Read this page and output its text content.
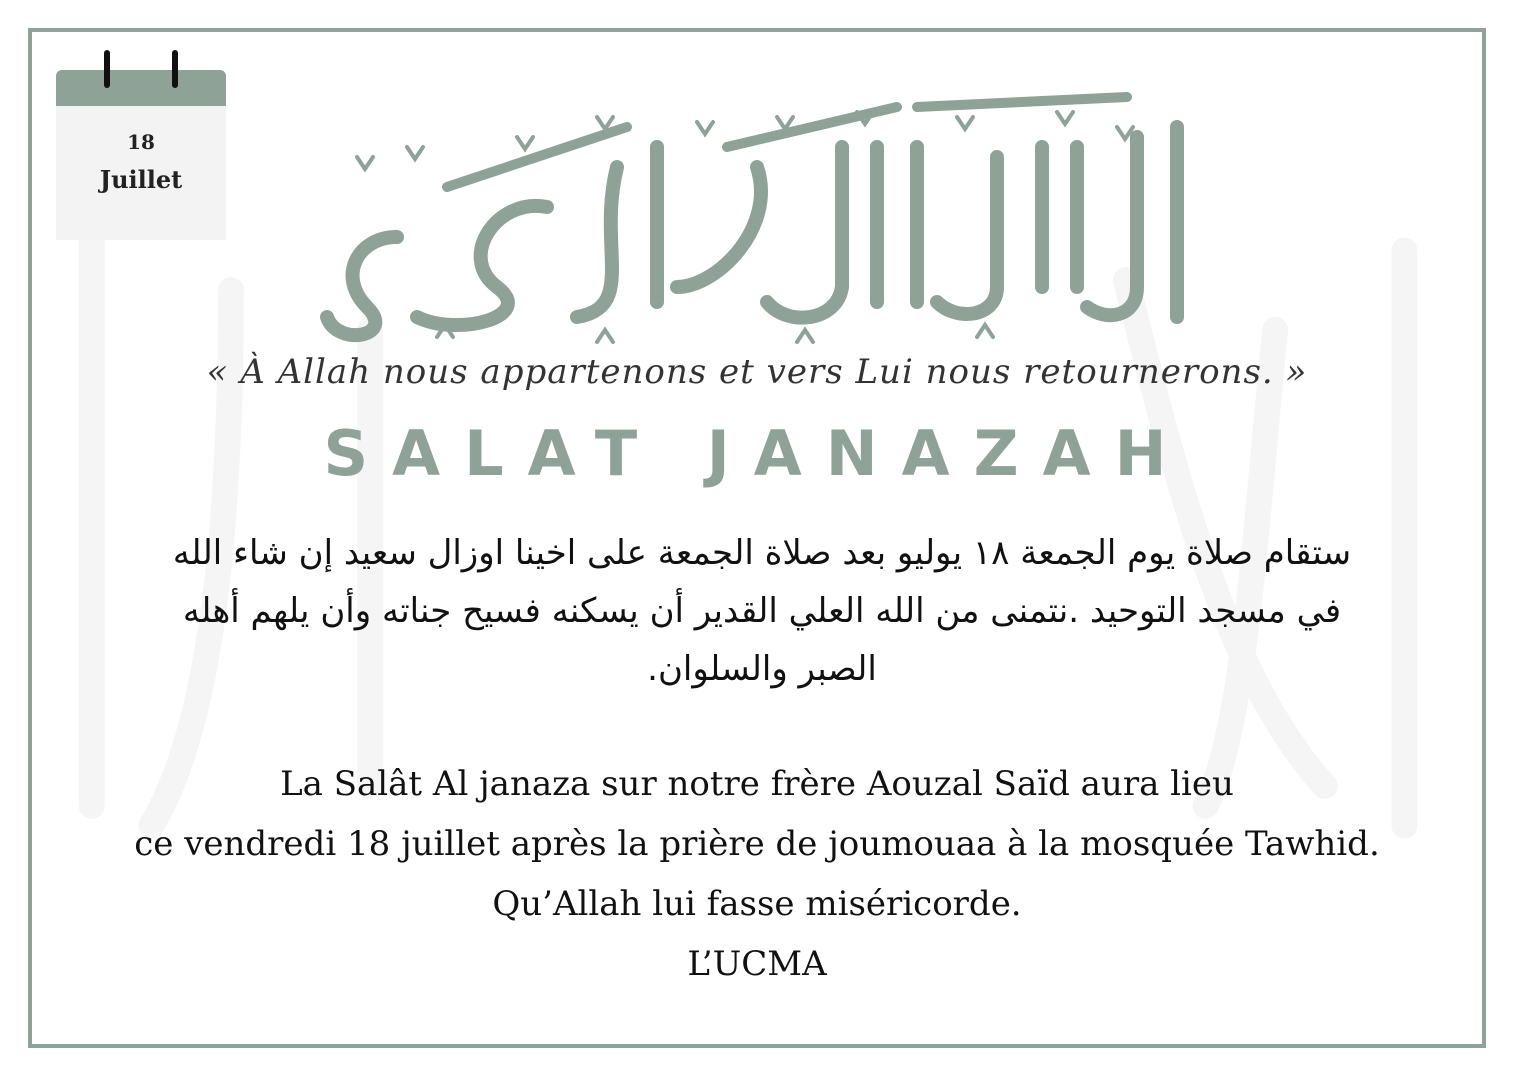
18
Juillet
« À Allah nous appartenons et vers Lui nous retournerons. »
SALAT JANAZAH
ستقام صلاة يوم الجمعة ١٨ يوليو بعد صلاة الجمعة على اخينا اوزال سعيد إن شاء الله
في مسجد التوحيد .نتمنى من الله العلي القدير أن يسكنه فسيح جناته وأن يلهم أهله
الصبر والسلوان.
La Salât Al janaza sur notre frère Aouzal Saïd aura lieu
ce vendredi 18 juillet après la prière de joumouaa à la mosquée Tawhid.
Qu’Allah lui fasse miséricorde.
L’UCMA
